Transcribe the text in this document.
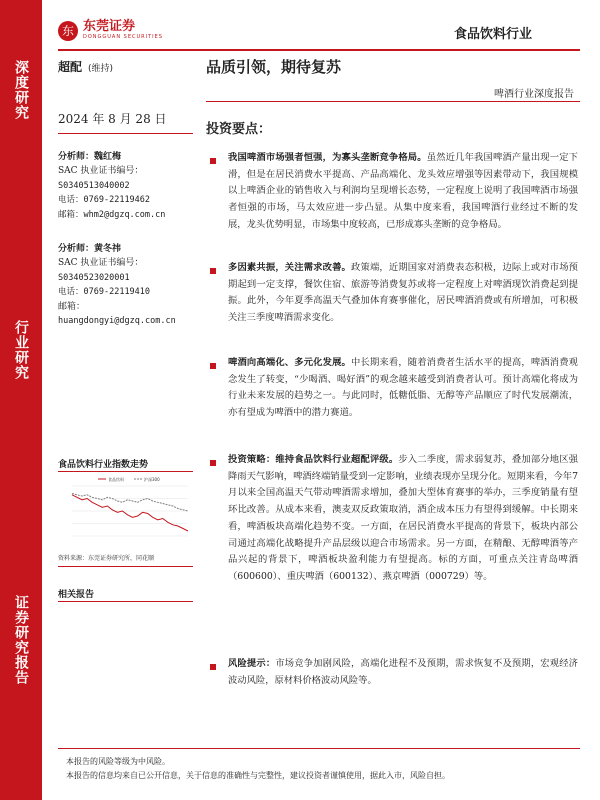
深度研究
行业研究
证券研究报告
东 东莞证券
DONGGUAN SECURITIES	食品饮料行业
超配 (维持)	品质引领，期待复苏
啤酒行业深度报告
2024 年 8 月 28 日
分析师：魏红梅
SAC 执业证书编号：
S0340513040002
电话：0769-22119462
邮箱：whm2@dgzq.com.cn
分析师：黄冬祎
SAC 执业证书编号：
S0340523020001
电话：0769-22119410
邮箱：
huangdongyi@dgzq.com.cn
食品饮料行业指数走势
食品饮料	沪深300
资料来源：东莞证券研究所，同花顺
相关报告
投资要点：
我国啤酒市场强者恒强，为寡头垄断竞争格局。虽然近几年我国啤酒产量出现一定下滑，但是在居民消费水平提高、产品高端化、龙头效应增强等因素带动下，我国规模以上啤酒企业的销售收入与利润均呈现增长态势，一定程度上说明了我国啤酒市场强者恒强的市场，马太效应进一步凸显。从集中度来看，我国啤酒行业经过不断的发展，龙头优势明显，市场集中度较高，已形成寡头垄断的竞争格局。
多因素共振，关注需求改善。政策端，近期国家对消费表态积极，边际上或对市场预期起到一定支撑，餐饮住宿、旅游等消费复苏或将一定程度上对啤酒现饮消费起到提振。此外，今年夏季高温天气叠加体育赛事催化，居民啤酒消费或有所增加，可积极关注三季度啤酒需求变化。
啤酒向高端化、多元化发展。中长期来看，随着消费者生活水平的提高，啤酒消费观念发生了转变，“少喝酒、喝好酒”的观念越来越受到消费者认可。预计高端化将成为行业未来发展的趋势之一。与此同时，低糖低脂、无醇等产品顺应了时代发展潮流，亦有望成为啤酒中的潜力赛道。
投资策略：维持食品饮料行业超配评级。步入二季度，需求弱复苏，叠加部分地区强降雨天气影响，啤酒终端销量受到一定影响，业绩表现亦呈现分化。短期来看，今年7月以来全国高温天气带动啤酒需求增加，叠加大型体育赛事的举办，三季度销量有望环比改善。从成本来看，澳麦双反政策取消，酒企成本压力有望得到缓解。中长期来看，啤酒板块高端化趋势不变。一方面，在居民消费水平提高的背景下，板块内部公司通过高端化战略提升产品层级以迎合市场需求。另一方面，在精酿、无醇啤酒等产品兴起的背景下，啤酒板块盈利能力有望提高。标的方面，可重点关注青岛啤酒（600600）、重庆啤酒（600132）、燕京啤酒（000729）等。
风险提示：市场竞争加剧风险，高端化进程不及预期，需求恢复不及预期，宏观经济波动风险，原材料价格波动风险等。
本报告的风险等级为中风险。
本报告的信息均来自已公开信息，关于信息的准确性与完整性，建议投资者谨慎使用，据此入市，风险自担。
